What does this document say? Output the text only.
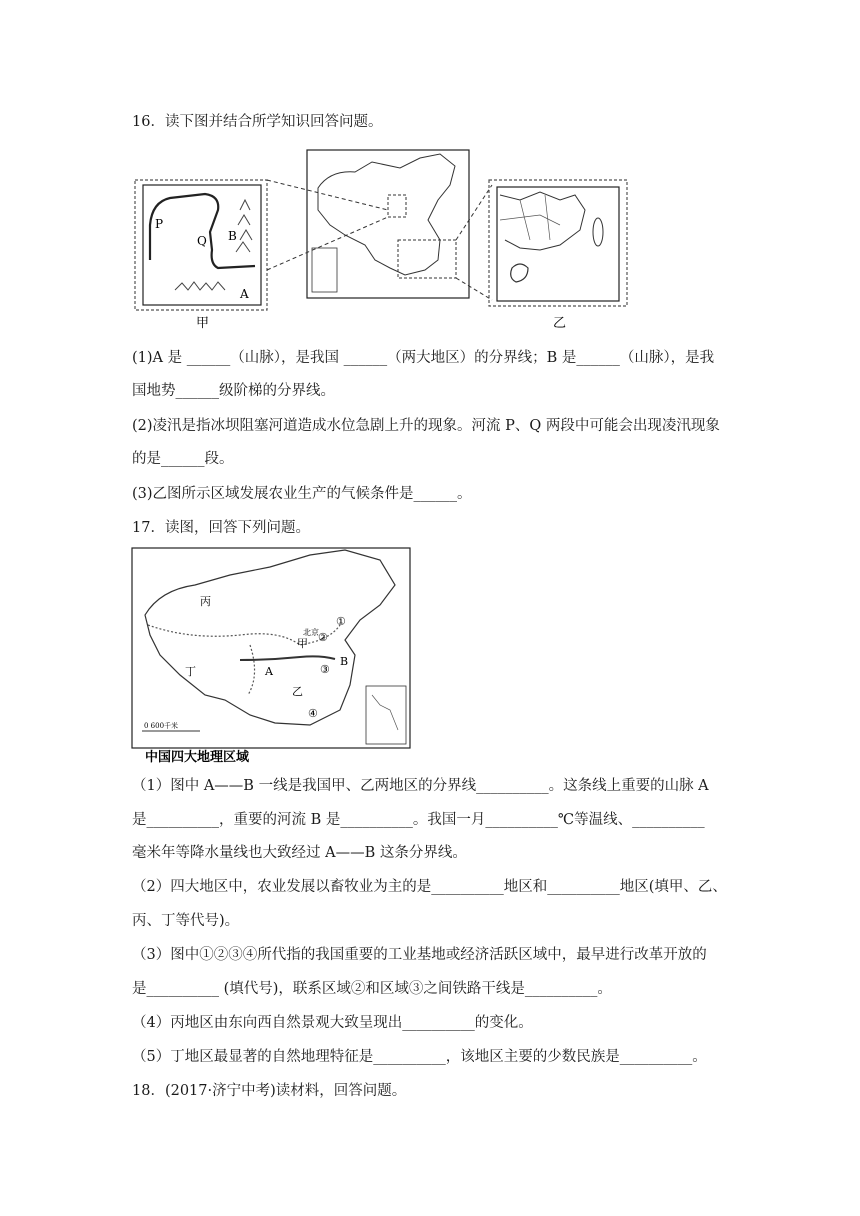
16．读下图并结合所学知识回答问题。
P
Q B
A
甲	乙
(1)A 是 ______（山脉），是我国 ______（两大地区）的分界线；B 是______（山脉），是我
国地势______级阶梯的分界线。
(2)凌汛是指冰坝阻塞河道造成水位急剧上升的现象。河流 P、Q 两段中可能会出现凌汛现象
的是______段。
(3)乙图所示区域发展农业生产的气候条件是______。
17．读图，回答下列问题。
丙
丁
甲
乙
A
B
①
②
③
④
北京
0 600千米
中国四大地理区域
（1）图中 A——B 一线是我国甲、乙两地区的分界线__________。这条线上重要的山脉 A
是__________，重要的河流 B 是__________。我国一月__________℃等温线、__________
毫米年等降水量线也大致经过 A——B 这条分界线。
（2）四大地区中，农业发展以畜牧业为主的是__________地区和__________地区(填甲、乙、
丙、丁等代号)。
（3）图中①②③④所代指的我国重要的工业基地或经济活跃区域中，最早进行改革开放的
是__________ (填代号)，联系区域②和区域③之间铁路干线是__________。
（4）丙地区由东向西自然景观大致呈现出__________的变化。
（5）丁地区最显著的自然地理特征是__________，该地区主要的少数民族是__________。
18．(2017·济宁中考)读材料，回答问题。
